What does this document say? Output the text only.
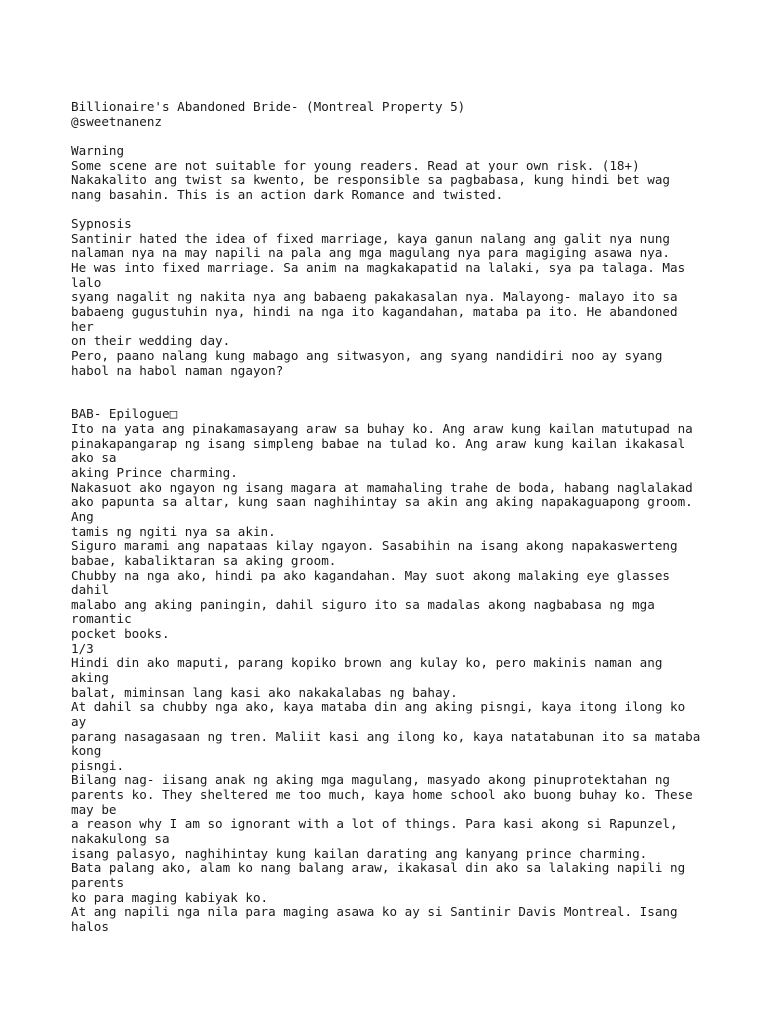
Billionaire's Abandoned Bride- (Montreal Property 5)
@sweetnanenz
Warning
Some scene are not suitable for young readers. Read at your own risk. (18+)
Nakakalito ang twist sa kwento, be responsible sa pagbabasa, kung hindi bet wag
nang basahin. This is an action dark Romance and twisted.
Sypnosis
Santinir hated the idea of fixed marriage, kaya ganun nalang ang galit nya nung
nalaman nya na may napili na pala ang mga magulang nya para magiging asawa nya.
He was into fixed marriage. Sa anim na magkakapatid na lalaki, sya pa talaga. Mas
lalo
syang nagalit ng nakita nya ang babaeng pakakasalan nya. Malayong- malayo ito sa
babaeng gugustuhin nya, hindi na nga ito kagandahan, mataba pa ito. He abandoned
her
on their wedding day.
Pero, paano nalang kung mabago ang sitwasyon, ang syang nandidiri noo ay syang
habol na habol naman ngayon?
BAB- Epilogue□
Ito na yata ang pinakamasayang araw sa buhay ko. Ang araw kung kailan matutupad na
pinakapangarap ng isang simpleng babae na tulad ko. Ang araw kung kailan ikakasal
ako sa
aking Prince charming.
Nakasuot ako ngayon ng isang magara at mamahaling trahe de boda, habang naglalakad
ako papunta sa altar, kung saan naghihintay sa akin ang aking napakaguapong groom.
Ang
tamis ng ngiti nya sa akin.
Siguro marami ang napataas kilay ngayon. Sasabihin na isang akong napakaswerteng
babae, kabaliktaran sa aking groom.
Chubby na nga ako, hindi pa ako kagandahan. May suot akong malaking eye glasses
dahil
malabo ang aking paningin, dahil siguro ito sa madalas akong nagbabasa ng mga
romantic
pocket books.
1/3
Hindi din ako maputi, parang kopiko brown ang kulay ko, pero makinis naman ang
aking
balat, miminsan lang kasi ako nakakalabas ng bahay.
At dahil sa chubby nga ako, kaya mataba din ang aking pisngi, kaya itong ilong ko
ay
parang nasagasaan ng tren. Maliit kasi ang ilong ko, kaya natatabunan ito sa mataba
kong
pisngi.
Bilang nag- iisang anak ng aking mga magulang, masyado akong pinuprotektahan ng
parents ko. They sheltered me too much, kaya home school ako buong buhay ko. These
may be
a reason why I am so ignorant with a lot of things. Para kasi akong si Rapunzel,
nakakulong sa
isang palasyo, naghihintay kung kailan darating ang kanyang prince charming.
Bata palang ako, alam ko nang balang araw, ikakasal din ako sa lalaking napili ng
parents
ko para maging kabiyak ko.
At ang napili nga nila para maging asawa ko ay si Santinir Davis Montreal. Isang
halos
